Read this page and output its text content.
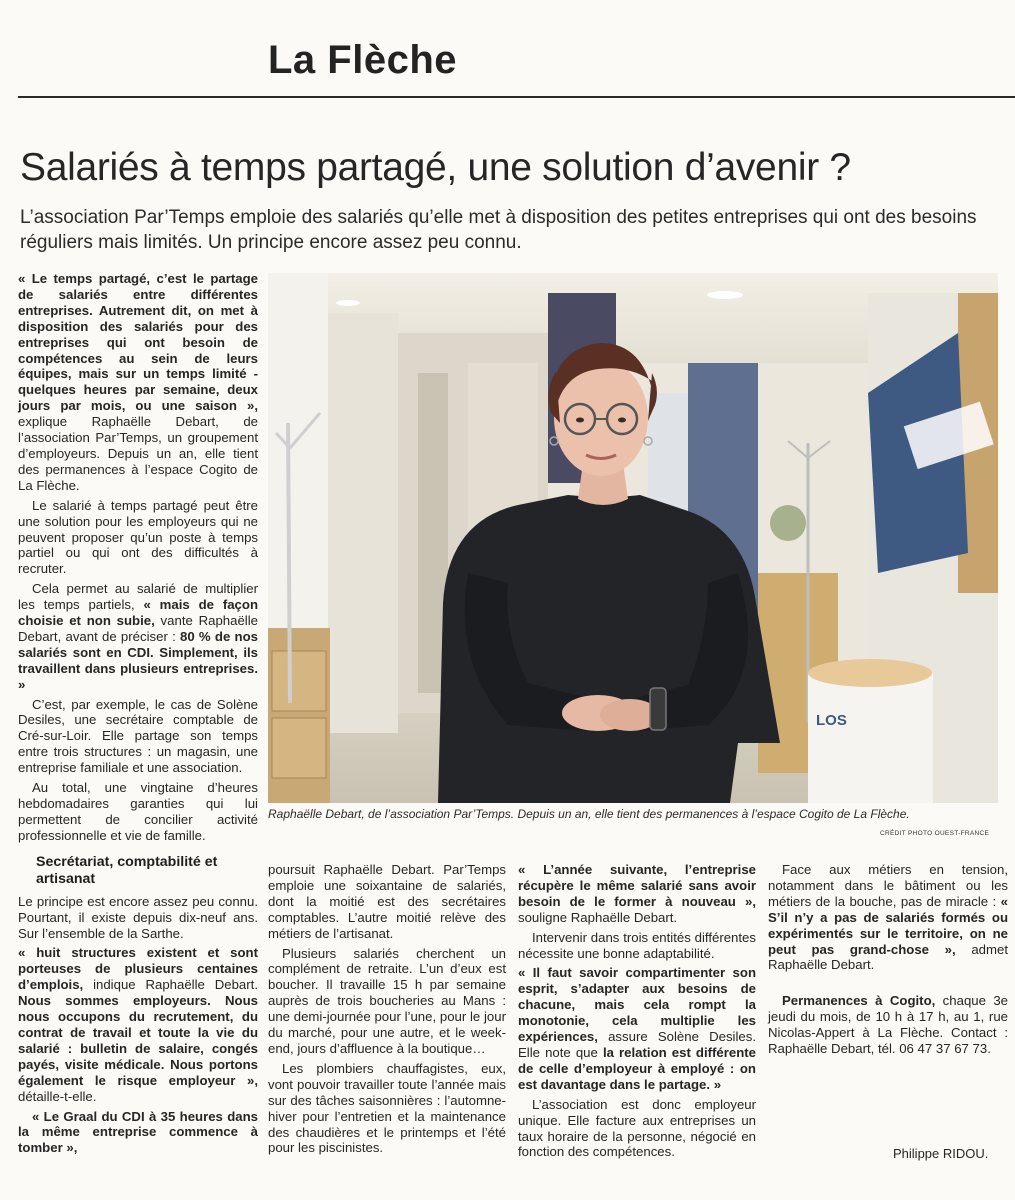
La Flèche
Salariés à temps partagé, une solution d’avenir ?

L’association Par’Temps emploie des salariés qu’elle met à disposition des petites entreprises qui ont des besoins réguliers mais limités. Un principe encore assez peu connu.

LOS

Raphaëlle Debart, de l’association Par’Temps. Depuis un an, elle tient des permanences à l’espace Cogito de La Flèche.

CRÉDIT PHOTO OUEST-FRANCE

« Le temps partagé, c’est le partage de salariés entre différentes entreprises. Autrement dit, on met à disposition des salariés pour des entreprises qui ont besoin de compétences au sein de leurs équipes, mais sur un temps limité - quelques heures par semaine, deux jours par mois, ou une saison », explique Raphaëlle Debart, de l’association Par’Temps, un groupement d’employeurs. Depuis un an, elle tient des permanences à l’espace Cogito de La Flèche.

Le salarié à temps partagé peut être une solution pour les employeurs qui ne peuvent proposer qu’un poste à temps partiel ou qui ont des difficultés à recruter.

Cela permet au salarié de multiplier les temps partiels, « mais de façon choisie et non subie, vante Raphaëlle Debart, avant de préciser : 80 % de nos salariés sont en CDI. Simplement, ils travaillent dans plusieurs entreprises. »

C’est, par exemple, le cas de Solène Desiles, une secrétaire comptable de Cré-sur-Loir. Elle partage son temps entre trois structures : un magasin, une entreprise familiale et une association.

Au total, une vingtaine d’heures hebdomadaires garanties qui lui permettent de concilier activité professionnelle et vie de famille.

Secrétariat, comptabilité et artisanat

Le principe est encore assez peu connu. Pourtant, il existe depuis dix-neuf ans. Sur l’ensemble de la Sarthe.

« huit structures existent et sont porteuses de plusieurs centaines d’emplois, indique Raphaëlle Debart. Nous sommes employeurs. Nous nous occupons du recrutement, du contrat de travail et toute la vie du salarié : bulletin de salaire, congés payés, visite médicale. Nous portons également le risque employeur », détaille-t-elle.

« Le Graal du CDI à 35 heures dans la même entreprise commence à tomber »,

poursuit Raphaëlle Debart. Par’Temps emploie une soixantaine de salariés, dont la moitié est des secrétaires comptables. L’autre moitié relève des métiers de l’artisanat.

Plusieurs salariés cherchent un complément de retraite. L’un d’eux est boucher. Il travaille 15 h par semaine auprès de trois boucheries au Mans : une demi-journée pour l’une, pour le jour du marché, pour une autre, et le week-end, jours d’affluence à la boutique…

Les plombiers chauffagistes, eux, vont pouvoir travailler toute l’année mais sur des tâches saisonnières : l’automne-hiver pour l’entretien et la maintenance des chaudières et le printemps et l’été pour les piscinistes.

« L’année suivante, l’entreprise récupère le même salarié sans avoir besoin de le former à nouveau », souligne Raphaëlle Debart.

Intervenir dans trois entités différentes nécessite une bonne adaptabilité.

« Il faut savoir compartimenter son esprit, s’adapter aux besoins de chacune, mais cela rompt la monotonie, cela multiplie les expériences, assure Solène Desiles. Elle note que la relation est différente de celle d’employeur à employé : on est davantage dans le partage. »

L’association est donc employeur unique. Elle facture aux entreprises un taux horaire de la personne, négocié en fonction des compétences.

Face aux métiers en tension, notamment dans le bâtiment ou les métiers de la bouche, pas de miracle : « S’il n’y a pas de salariés formés ou expérimentés sur le territoire, on ne peut pas grand-chose », admet Raphaëlle Debart.

Permanences à Cogito, chaque 3e jeudi du mois, de 10 h à 17 h, au 1, rue Nicolas-Appert à La Flèche. Contact : Raphaëlle Debart, tél. 06 47 37 67 73.

Philippe RIDOU.
